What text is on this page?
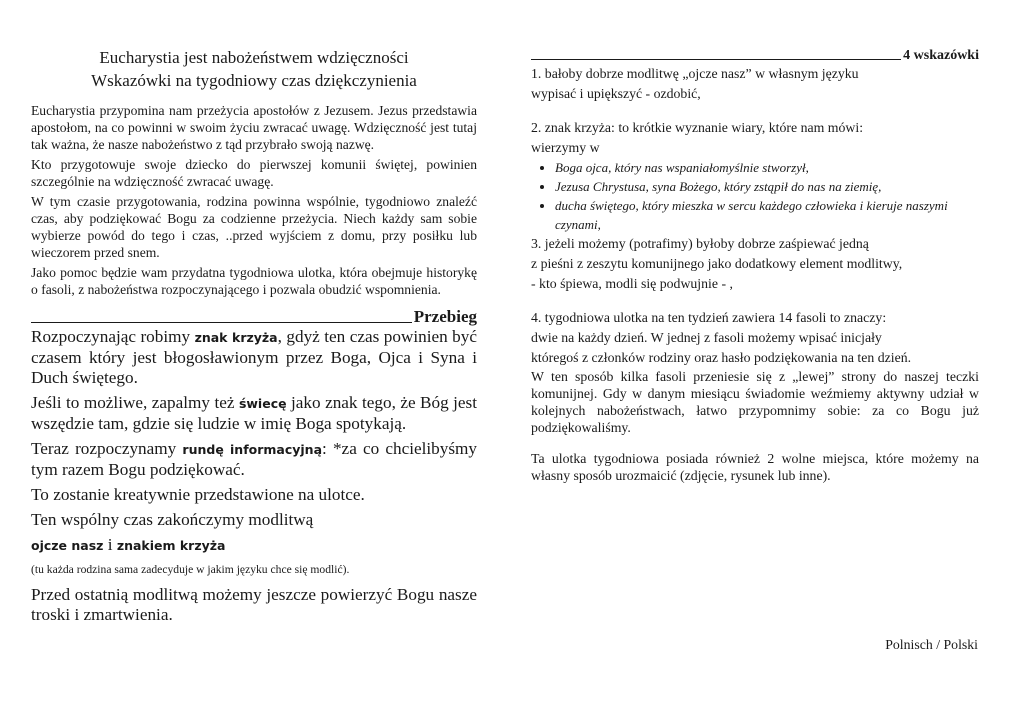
Eucharystia jest nabożeństwem wdzięczności
Wskazówki na tygodniowy czas dziękczynienia

Eucharystia przypomina nam przeżycia apostołów z Jezusem. Jezus przedstawia apostołom, na co powinni w swoim życiu zwracać uwagę. Wdzięczność jest tutaj tak ważna, że nasze nabożeństwo z tąd przybrało swoją nazwę.

Kto przygotowuje swoje dziecko do pierwszej komunii świętej, powinien szczególnie na wdzięczność zwracać uwagę.

W tym czasie przygotowania, rodzina powinna wspólnie, tygodniowo znaleźć czas, aby podziękować Bogu za codzienne przeżycia. Niech każdy sam sobie wybierze powód do tego i czas, ..przed wyjściem z domu, przy posiłku lub wieczorem przed snem.

Jako pomoc będzie wam przydatna tygodniowa ulotka, która obejmuje historykę o fasoli, z nabożeństwa rozpoczynającego i pozwala obudzić wspomnienia.

Przebieg

Rozpoczynając robimy znak krzyża, gdyż ten czas powinien być czasem który jest błogosławionym przez Boga, Ojca i Syna i Duch świętego.

Jeśli to możliwe, zapalmy też świecę jako znak tego, że Bóg jest wszędzie tam, gdzie się ludzie w imię Boga spotykają.

Teraz rozpoczynamy rundę informacyjną: *za co chcielibyśmy tym razem Bogu podziękować.

To zostanie kreatywnie przedstawione na ulotce.

Ten wspólny czas zakończymy modlitwą

ojcze nasz i znakiem krzyża

(tu każda rodzina sama zadecyduje w jakim języku chce się modlić).

Przed ostatnią modlitwą możemy jeszcze powierzyć Bogu nasze troski i zmartwienia.

4 wskazówki

1. bałoby dobrze modlitwę „ojcze nasz” w własnym języku

wypisać i upiększyć - ozdobić,

2. znak krzyża: to krótkie wyznanie wiary, które nam mówi:

wierzymy w

• Boga ojca, który nas wspaniałomyślnie stworzył,
• Jezusa Chrystusa, syna Bożego, który zstąpił do nas na ziemię,
• ducha świętego, który mieszka w sercu każdego człowieka i kieruje naszymi czynami,

3. jeżeli możemy (potrafimy) byłoby dobrze zaśpiewać jedną

z pieśni z zeszytu komunijnego jako dodatkowy element modlitwy,

- kto śpiewa, modli się podwujnie - ,

4. tygodniowa ulotka na ten tydzień zawiera 14 fasoli to znaczy:

dwie na każdy dzień. W jednej z fasoli możemy wpisać inicjały

któregoś z członków rodziny oraz hasło podziękowania na ten dzień.

W ten sposób kilka fasoli przeniesie się z „lewej” strony do naszej teczki komunijnej. Gdy w danym miesiącu świadomie weźmiemy aktywny udział w kolejnych nabożeństwach, łatwo przypomnimy sobie: za co Bogu już podziękowaliśmy.

Ta ulotka tygodniowa posiada również 2 wolne miejsca, które możemy na własny sposób urozmaicić (zdjęcie, rysunek lub inne).

Polnisch / Polski
